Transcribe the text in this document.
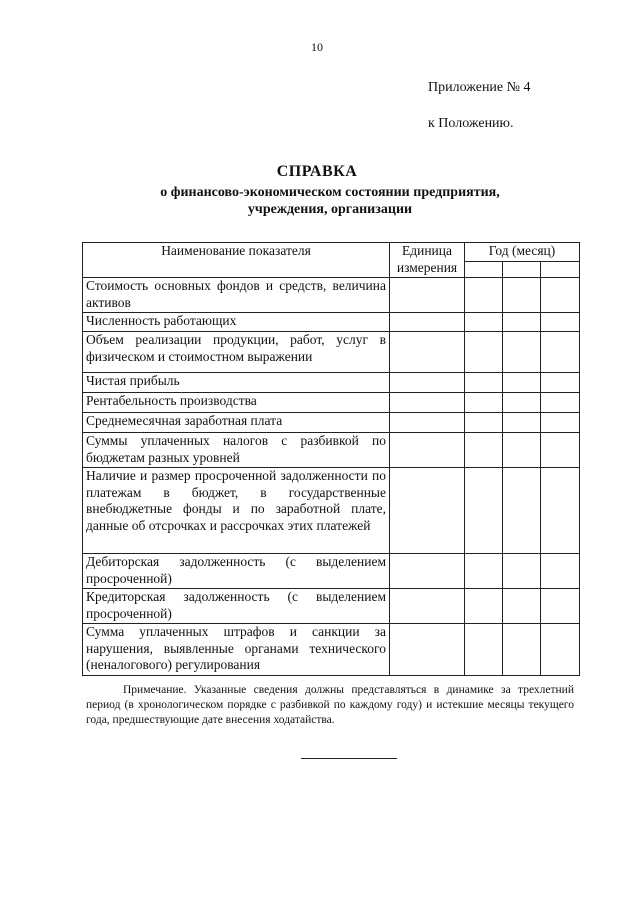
10
Приложение № 4
к Положению.
СПРАВКА
о финансово-экономическом состоянии предприятия, учреждения, организации
Наименование показателя	Единица измерения	Год (месяц)		

Стоимость основных фондов и средств, величина активов				
Численность работающих				
Объем реализации продукции, работ, услуг в физическом и стоимостном выражении				
Чистая прибыль				
Рентабельность производства				
Среднемесячная заработная плата				
Суммы уплаченных налогов с разбивкой по бюджетам разных уровней				
Наличие и размер просроченной задолженности по платежам в бюджет, в государственные внебюджетные фонды и по заработной плате, данные об отсрочках и рассрочках этих платежей				
Дебиторская задолженность (с выделением просроченной)				
Кредиторская задолженность (с выделением просроченной)				
Сумма уплаченных штрафов и санкции за нарушения, выявленные органами технического (неналогового) регулирования				
Примечание. Указанные сведения должны представляться в динамике за трехлетний период (в хронологическом порядке с разбивкой по каждому году) и истекшие месяцы текущего года, предшествующие дате внесения ходатайства.
